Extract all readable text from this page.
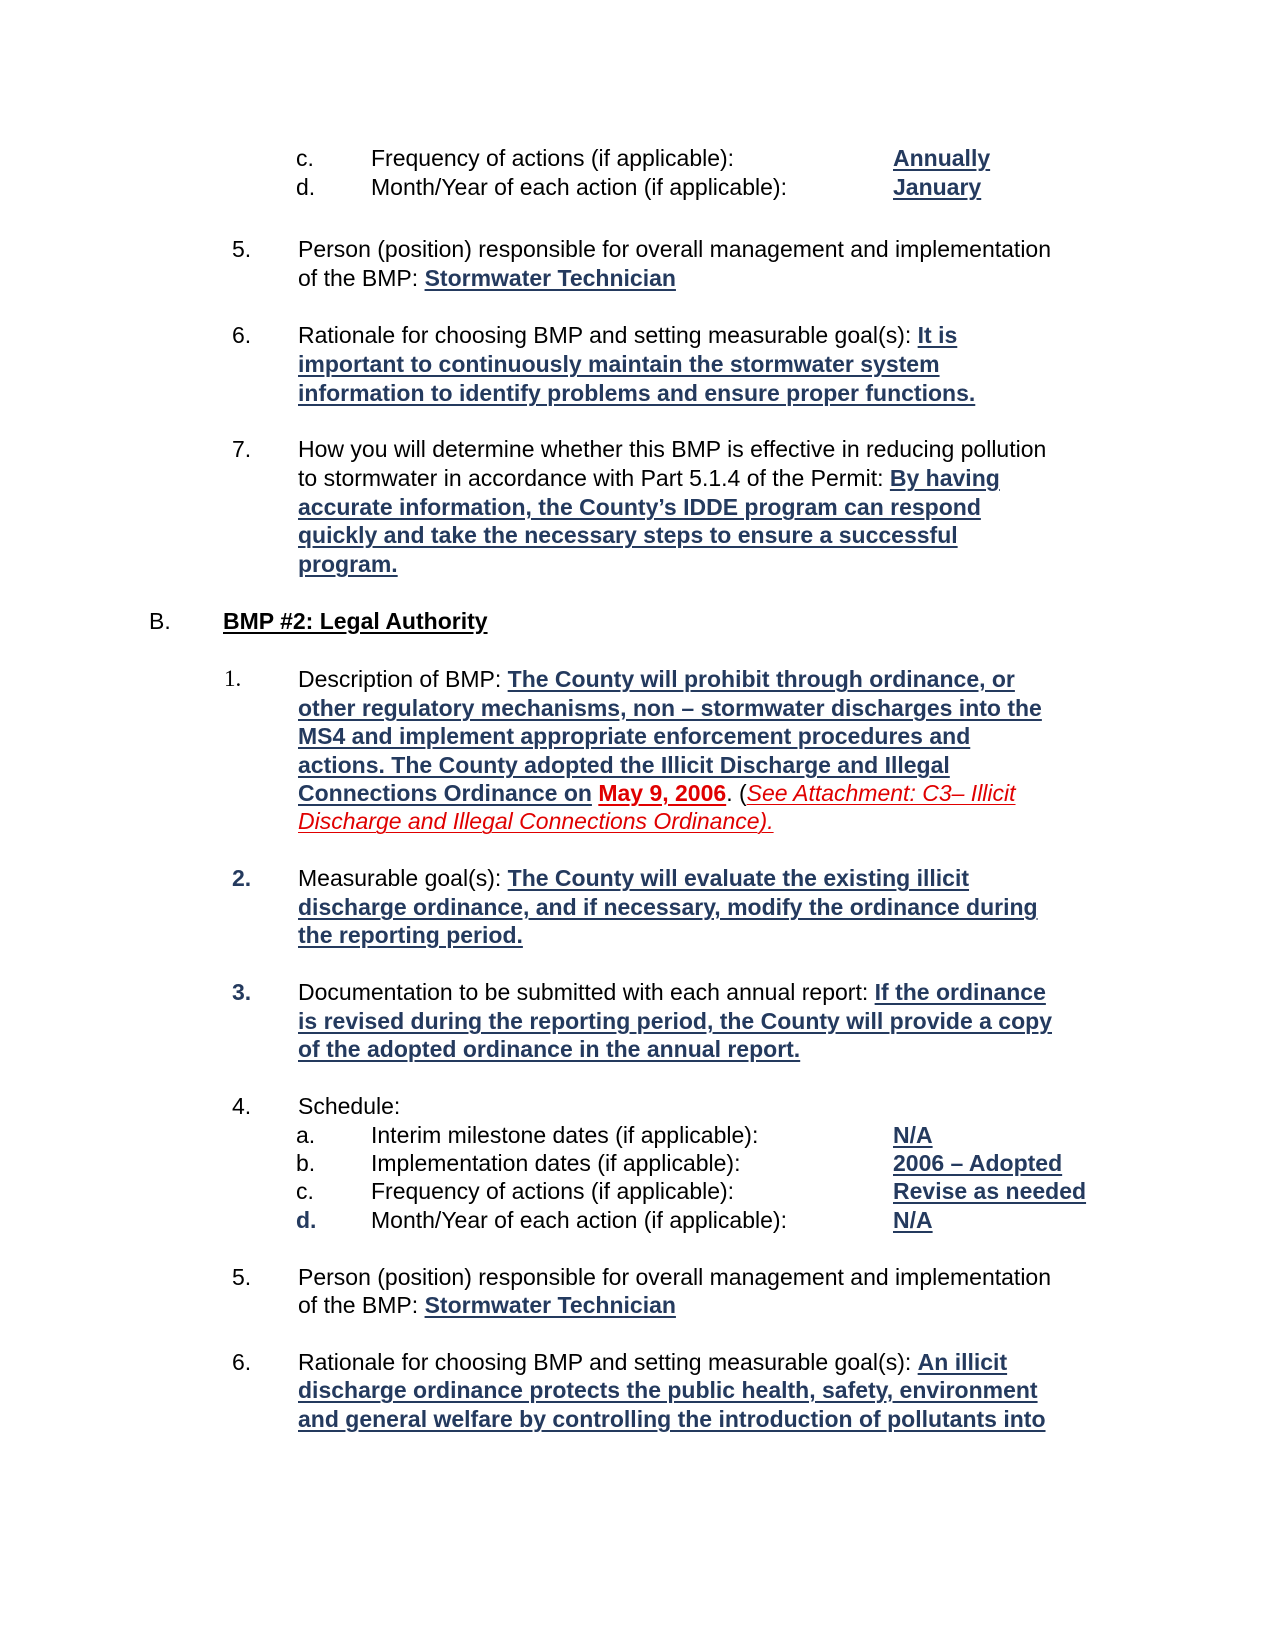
c. Frequency of actions (if applicable):	Annually
d. Month/Year of each action (if applicable):	January
5. Person (position) responsible for overall management and implementation
of the BMP: Stormwater Technician
6. Rationale for choosing BMP and setting measurable goal(s): It is
important to continuously maintain the stormwater system
information to identify problems and ensure proper functions.
7. How you will determine whether this BMP is effective in reducing pollution
to stormwater in accordance with Part 5.1.4 of the Permit: By having
accurate information, the County’s IDDE program can respond
quickly and take the necessary steps to ensure a successful
program.
B. BMP #2: Legal Authority
1. Description of BMP: The County will prohibit through ordinance, or
other regulatory mechanisms, non – stormwater discharges into the
MS4 and implement appropriate enforcement procedures and
actions. The County adopted the Illicit Discharge and Illegal
Connections Ordinance on May 9, 2006. (See Attachment: C3– Illicit
Discharge and Illegal Connections Ordinance).
2. Measurable goal(s): The County will evaluate the existing illicit
discharge ordinance, and if necessary, modify the ordinance during
the reporting period.
3. Documentation to be submitted with each annual report: If the ordinance
is revised during the reporting period, the County will provide a copy
of the adopted ordinance in the annual report.
4. Schedule:
a. Interim milestone dates (if applicable):	N/A
b. Implementation dates (if applicable):	2006 – Adopted
c. Frequency of actions (if applicable):	Revise as needed
d. Month/Year of each action (if applicable):	N/A
5. Person (position) responsible for overall management and implementation
of the BMP: Stormwater Technician
6. Rationale for choosing BMP and setting measurable goal(s): An illicit
discharge ordinance protects the public health, safety, environment
and general welfare by controlling the introduction of pollutants into
